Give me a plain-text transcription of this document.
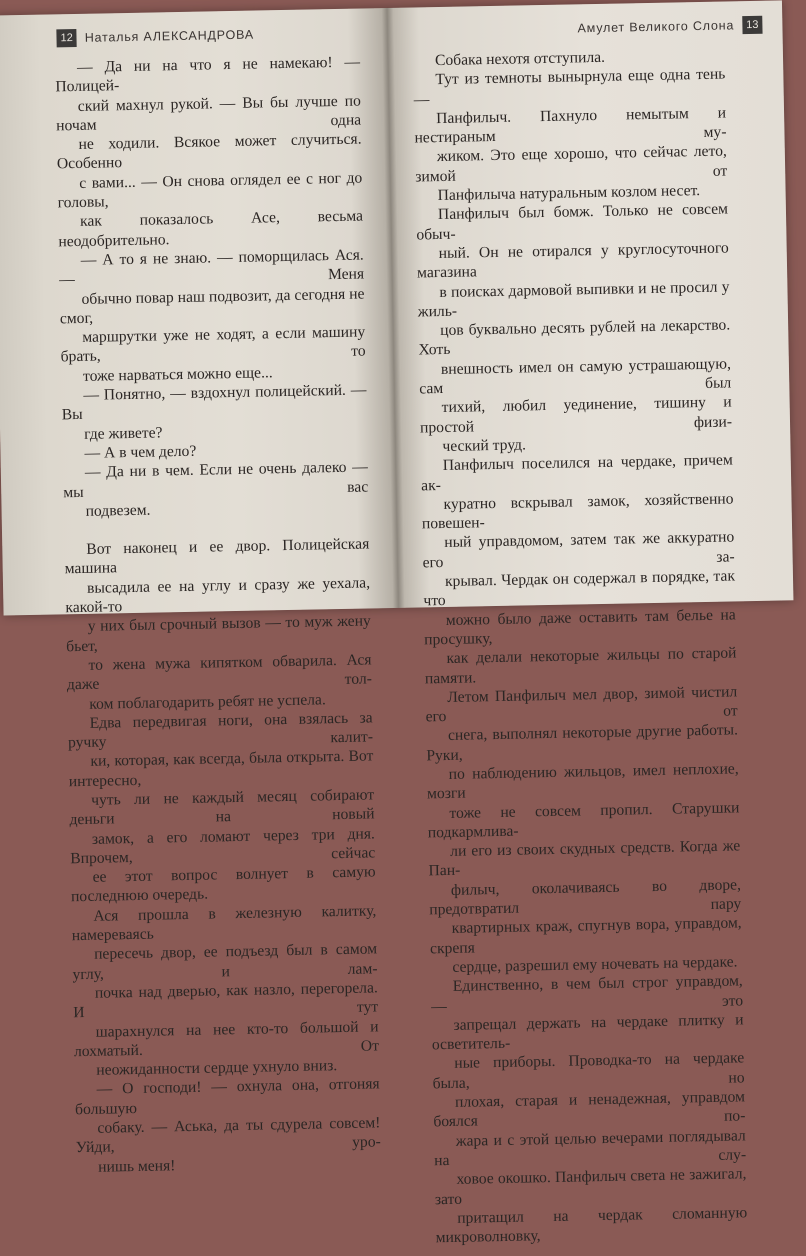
12 Наталья АЛЕКСАНДРОВА

— Да ни на что я не намекаю! — Полицей-
ский махнул рукой. — Вы бы лучше по ночам одна
не ходили. Всякое может случиться. Особенно
с вами... — Он снова оглядел ее с ног до головы,
как показалось Асе, весьма неодобрительно.

— А то я не знаю. — поморщилась Ася. — Меня
обычно повар наш подвозит, да сегодня не смог,
маршрутки уже не ходят, а если машину брать, то
тоже нарваться можно еще...

— Понятно, — вздохнул полицейский. — Вы
где живете?

— А в чем дело?

— Да ни в чем. Если не очень далеко — мы вас
подвезем.

Вот наконец и ее двор. Полицейская машина
высадила ее на углу и сразу же уехала, какой-то
у них был срочный вызов — то муж жену бьет,
то жена мужа кипятком обварила. Ася даже тол-
ком поблагодарить ребят не успела.

Едва передвигая ноги, она взялась за ручку калит-
ки, которая, как всегда, была открыта. Вот интересно,
чуть ли не каждый месяц собирают деньги на новый
замок, а его ломают через три дня. Впрочем, сейчас
ее этот вопрос волнует в самую последнюю очередь.

Ася прошла в железную калитку, намереваясь
пересечь двор, ее подъезд был в самом углу, и лам-
почка над дверью, как назло, перегорела. И тут
шарахнулся на нее кто-то большой и лохматый. От
неожиданности сердце ухнуло вниз.

— О господи! — охнула она, отгоняя большую
собаку. — Аська, да ты сдурела совсем! Уйди, урo-
нишь меня!

Амулет Великого Слона	13

Собака нехотя отступила.

Тут из темноты вынырнула еще одна тень —
Панфилыч. Пахнуло немытым и нестираным му-
жиком. Это еще хорошо, что сейчас лето, зимой от
Панфилыча натуральным козлом несет.

Панфилыч был бомж. Только не совсем обыч-
ный. Он не отирался у круглосуточного магазина
в поисках дармовой выпивки и не просил у жиль-
цов буквально десять рублей на лекарство. Хоть
внешность имел он самую устрашающую, сам был
тихий, любил уединение, тишину и простой физи-
ческий труд.

Панфилыч поселился на чердаке, причем ак-
куратно вскрывал замок, хозяйственно повешен-
ный управдомом, затем так же аккуратно его за-
крывал. Чердак он содержал в порядке, так что
можно было даже оставить там белье на просушку,
как делали некоторые жильцы по старой памяти.
Летом Панфилыч мел двор, зимой чистил его от
снега, выполнял некоторые другие работы. Руки,
по наблюдению жильцов, имел неплохие, мозги
тоже не совсем пропил. Старушки подкармлива-
ли его из своих скудных средств. Когда же Пан-
филыч, околачиваясь во дворе, предотвратил пару
квартирных краж, спугнув вора, управдом, скрепя
сердце, разрешил ему ночевать на чердаке.

Единственно, в чем был строг управдом, — это
запрещал держать на чердаке плитку и осветитель-
ные приборы. Проводка-то на чердаке была, но
плохая, старая и ненадежная, управдом боялся по-
жара и с этой целью вечерами поглядывал на слу-
ховое окошко. Панфилыч света не зажигал, зато
притащил на чердак сломанную микроволновку,
